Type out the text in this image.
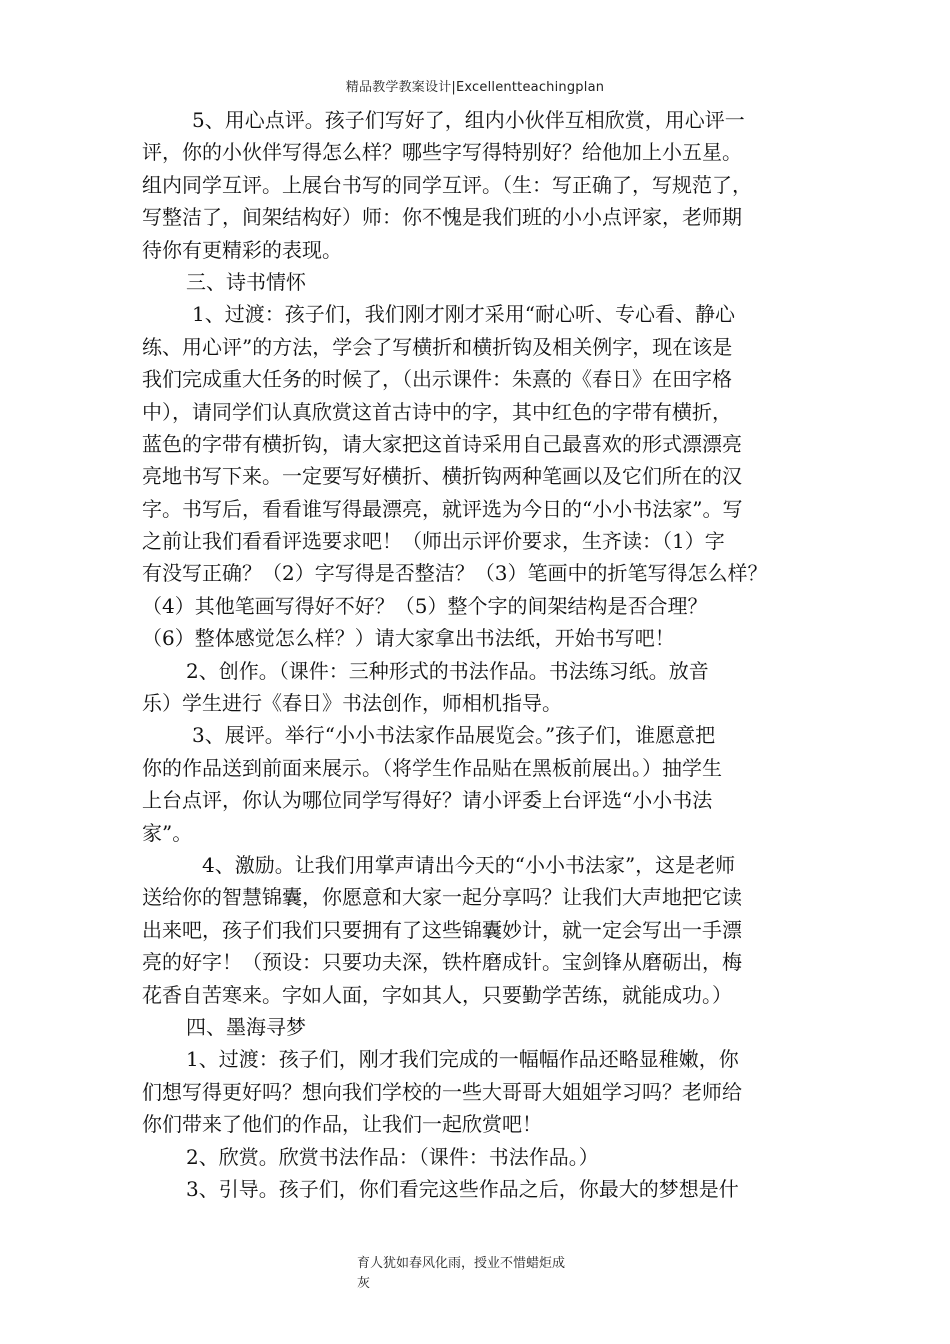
精品教学教案设计|Excellentteachingplan
5、用心点评。孩子们写好了，组内小伙伴互相欣赏，用心评一
评，你的小伙伴写得怎么样？哪些字写得特别好？给他加上小五星。
组内同学互评。上展台书写的同学互评。（生：写正确了，写规范了，
写整洁了，间架结构好）师：你不愧是我们班的小小点评家，老师期
待你有更精彩的表现。
三、诗书情怀
1、过渡：孩子们，我们刚才刚才采用“耐心听、专心看、静心
练、用心评”的方法，学会了写横折和横折钩及相关例字，现在该是
我们完成重大任务的时候了，（出示课件：朱熹的《春日》在田字格
中），请同学们认真欣赏这首古诗中的字，其中红色的字带有横折，
蓝色的字带有横折钩，请大家把这首诗采用自己最喜欢的形式漂漂亮
亮地书写下来。一定要写好横折、横折钩两种笔画以及它们所在的汉
字。书写后，看看谁写得最漂亮，就评选为今日的“小小书法家”。写
之前让我们看看评选要求吧！（师出示评价要求，生齐读：（1）字
有没写正确？（2）字写得是否整洁？（3）笔画中的折笔写得怎么样？
（4）其他笔画写得好不好？（5）整个字的间架结构是否合理？
（6）整体感觉怎么样？）请大家拿出书法纸，开始书写吧！
2、创作。（课件：三种形式的书法作品。书法练习纸。放音
乐）学生进行《春日》书法创作，师相机指导。
3、展评。举行“小小书法家作品展览会。”孩子们，谁愿意把
你的作品送到前面来展示。（将学生作品贴在黑板前展出。）抽学生
上台点评，你认为哪位同学写得好？请小评委上台评选“小小书法
家”。
4、激励。让我们用掌声请出今天的“小小书法家”，这是老师
送给你的智慧锦囊，你愿意和大家一起分享吗？让我们大声地把它读
出来吧，孩子们我们只要拥有了这些锦囊妙计，就一定会写出一手漂
亮的好字！（预设：只要功夫深，铁杵磨成针。宝剑锋从磨砺出，梅
花香自苦寒来。字如人面，字如其人，只要勤学苦练，就能成功。）
四、墨海寻梦
1、过渡：孩子们，刚才我们完成的一幅幅作品还略显稚嫩，你
们想写得更好吗？想向我们学校的一些大哥哥大姐姐学习吗？老师给
你们带来了他们的作品，让我们一起欣赏吧！
2、欣赏。欣赏书法作品：（课件：书法作品。）
3、引导。孩子们，你们看完这些作品之后，你最大的梦想是什
育人犹如春风化雨，授业不惜蜡炬成
灰
